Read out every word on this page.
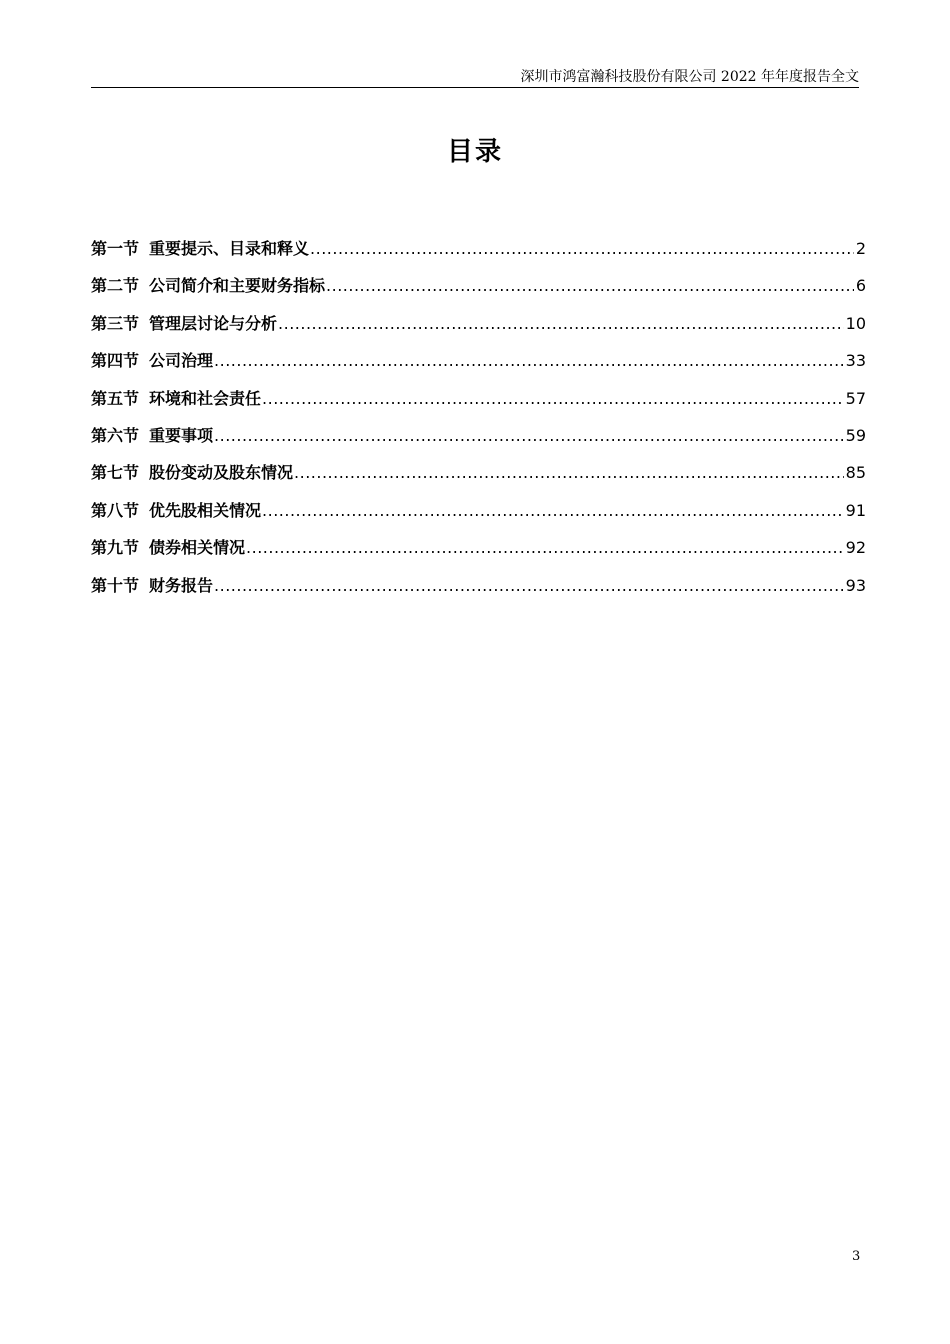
深圳市鸿富瀚科技股份有限公司 2022 年年度报告全文
目录
第一节 重要提示、目录和释义 .....	2
第二节 公司简介和主要财务指标 .....	6
第三节 管理层讨论与分析 .....	10
第四节 公司治理 .....	33
第五节 环境和社会责任 .....	57
第六节 重要事项 .....	59
第七节 股份变动及股东情况 .....	85
第八节 优先股相关情况 .....	91
第九节 债券相关情况 .....	92
第十节 财务报告 .....	93
3
